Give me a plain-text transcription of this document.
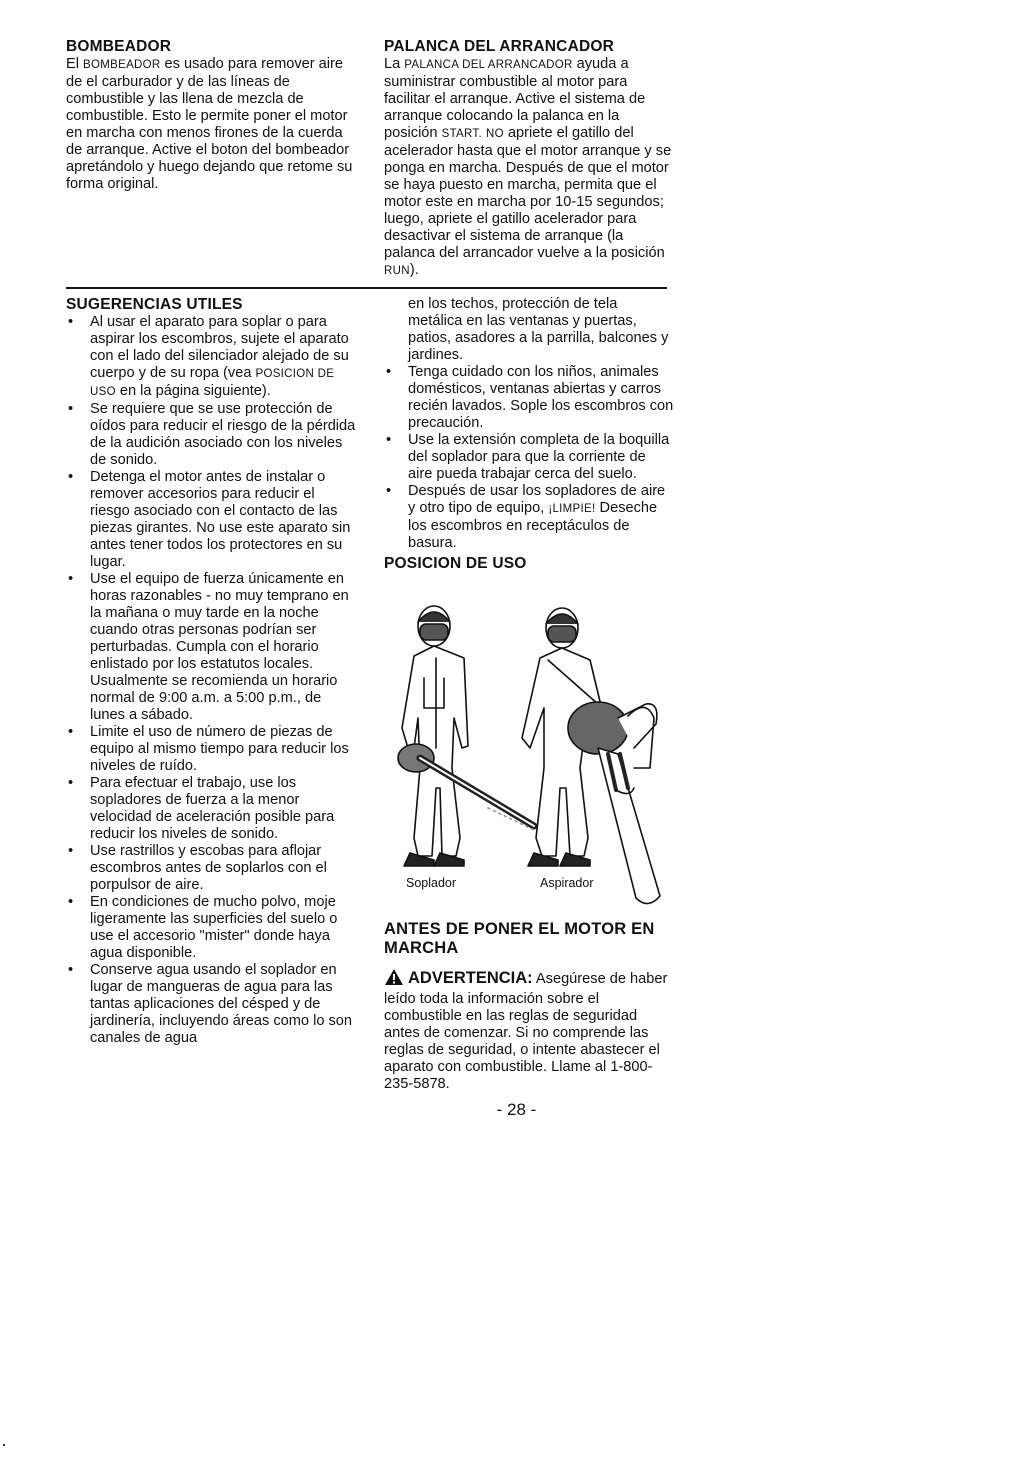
BOMBEADOR

El BOMBEADOR es usado para remover aire de el carburador y de las líneas de combustible y las llena de mezcla de combustible. Esto le permite poner el motor en marcha con menos firones de la cuerda de arranque. Active el boton del bombeador apretándolo y huego dejando que retome su forma original.

PALANCA DEL ARRANCADOR

La PALANCA DEL ARRANCADOR ayuda a suministrar combustible al motor para facilitar el arranque. Active el sistema de arranque colocando la palanca en la posición START. NO apriete el gatillo del acelerador hasta que el motor arranque y se ponga en marcha. Después de que el motor se haya puesto en marcha, permita que el motor este en marcha por 10-15 segundos; luego, apriete el gatillo acelerador para desactivar el sistema de arranque (la palanca del arrancador vuelve a la posición RUN).

SUGERENCIAS UTILES

• Al usar el aparato para soplar o para aspirar los escombros, sujete el aparato con el lado del silenciador alejado de su cuerpo y de su ropa (vea POSICION DE USO en la página siguiente).
• Se requiere que se use protección de oídos para reducir el riesgo de la pérdida de la audición asociado con los niveles de sonido.
• Detenga el motor antes de instalar o remover accesorios para reducir el riesgo asociado con el contacto de las piezas girantes. No use este aparato sin antes tener todos los protectores en su lugar.
• Use el equipo de fuerza únicamente en horas razonables - no muy temprano en la mañana o muy tarde en la noche cuando otras personas podrían ser perturbadas. Cumpla con el horario enlistado por los estatutos locales. Usualmente se recomienda un horario normal de 9:00 a.m. a 5:00 p.m., de lunes a sábado.
• Limite el uso de número de piezas de equipo al mismo tiempo para reducir los niveles de ruído.
• Para efectuar el trabajo, use los sopladores de fuerza a la menor velocidad de aceleración posible para reducir los niveles de sonido.
• Use rastrillos y escobas para aflojar escombros antes de soplarlos con el porpulsor de aire.
• En condiciones de mucho polvo, moje ligeramente las superficies del suelo o use el accesorio "mister" donde haya agua disponible.
• Conserve agua usando el soplador en lugar de mangueras de agua para las tantas aplicaciones del césped y de jardinería, incluyendo áreas como lo son canales de agua

en los techos, protección de tela metálica en las ventanas y puertas, patios, asadores a la parrilla, balcones y jardines.

• Tenga cuidado con los niños, animales domésticos, ventanas abiertas y carros recién lavados. Sople los escombros con precaución.
• Use la extensión completa de la boquilla del soplador para que la corriente de aire pueda trabajar cerca del suelo.
• Después de usar los sopladores de aire y otro tipo de equipo, ¡LIMPIE! Deseche los escombros en receptáculos de basura.

POSICION DE USO

Soplador	Aspirador

ANTES DE PONER EL MOTOR EN MARCHA

ADVERTENCIA: Asegúrese de haber leído toda la información sobre el combustible en las reglas de seguridad antes de comenzar. Si no comprende las reglas de seguridad, o intente abastecer el aparato con combustible. Llame al 1-800-235-5878.

- 28 -
